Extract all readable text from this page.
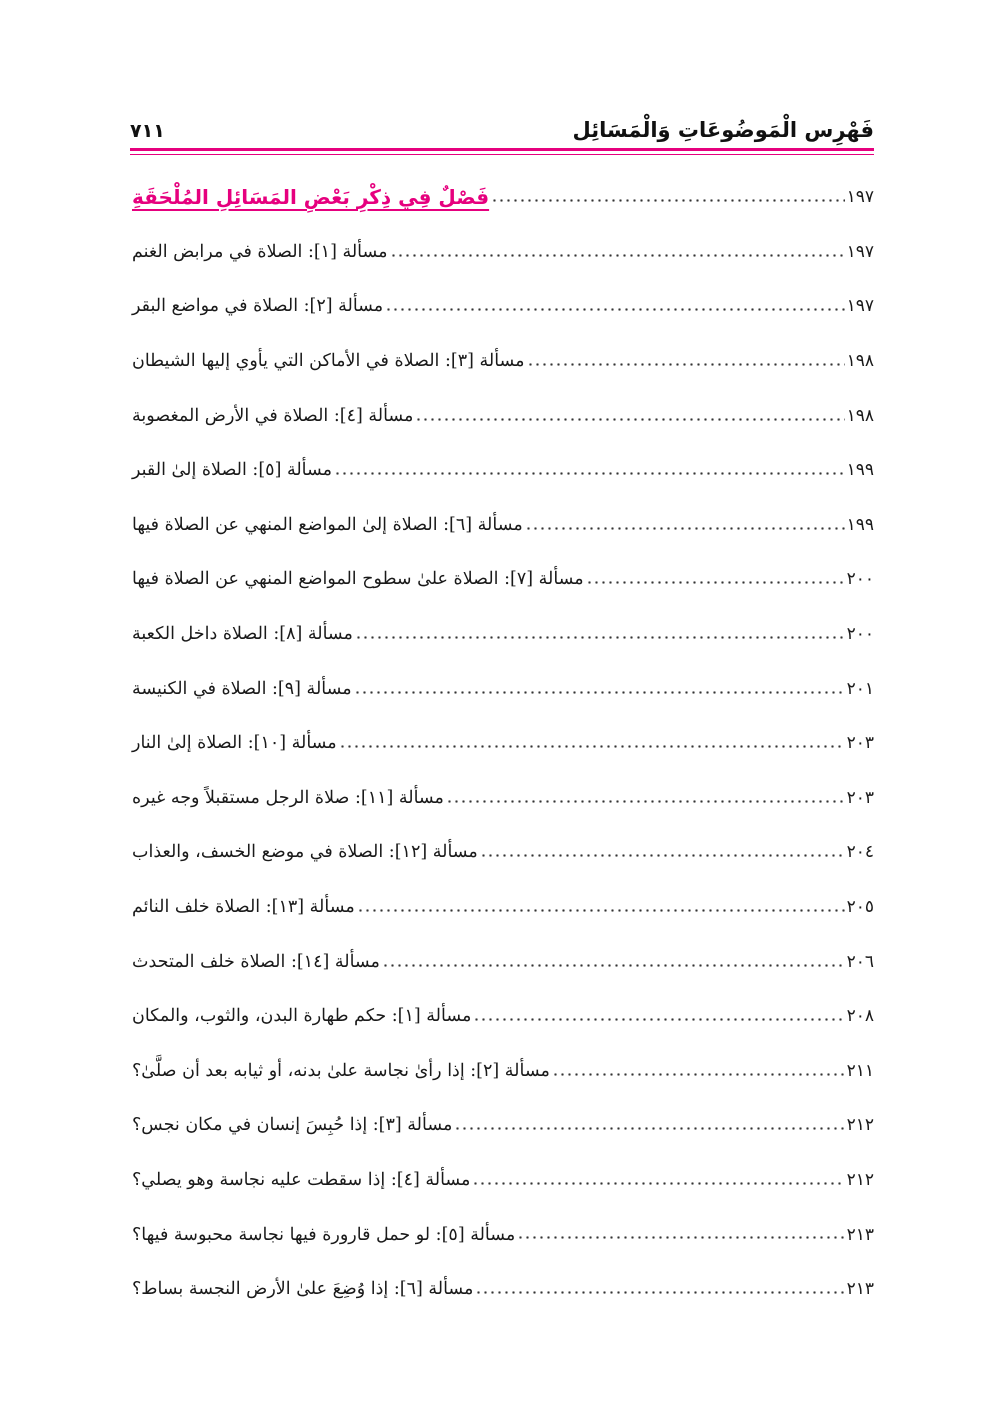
٧١١	فَهْرِس الْمَوضُوعَاتِ وَالْمَسَائِل
فَصْلٌ فِي ذِكْرِ بَعْضِ المَسَائِلِ المُلْحَقَةِ	١٩٧
مسألة [١]: الصلاة في مرابض الغنم	١٩٧
مسألة [٢]: الصلاة في مواضع البقر	١٩٧
مسألة [٣]: الصلاة في الأماكن التي يأوي إليها الشيطان	١٩٨
مسألة [٤]: الصلاة في الأرض المغصوبة	١٩٨
مسألة [٥]: الصلاة إلىٰ القبر	١٩٩
مسألة [٦]: الصلاة إلىٰ المواضع المنهي عن الصلاة فيها	١٩٩
مسألة [٧]: الصلاة علىٰ سطوح المواضع المنهي عن الصلاة فيها	٢٠٠
مسألة [٨]: الصلاة داخل الكعبة	٢٠٠
مسألة [٩]: الصلاة في الكنيسة	٢٠١
مسألة [١٠]: الصلاة إلىٰ النار	٢٠٣
مسألة [١١]: صلاة الرجل مستقبلاً وجه غيره	٢٠٣
مسألة [١٢]: الصلاة في موضع الخسف، والعذاب	٢٠٤
مسألة [١٣]: الصلاة خلف النائم	٢٠٥
مسألة [١٤]: الصلاة خلف المتحدث	٢٠٦
مسألة [١]: حكم طهارة البدن، والثوب، والمكان	٢٠٨
مسألة [٢]: إذا رأىٰ نجاسة علىٰ بدنه، أو ثيابه بعد أن صلَّىٰ؟	٢١١
مسألة [٣]: إذا حُبِسَ إنسان في مكان نجس؟	٢١٢
مسألة [٤]: إذا سقطت عليه نجاسة وهو يصلي؟	٢١٢
مسألة [٥]: لو حمل قارورة فيها نجاسة محبوسة فيها؟	٢١٣
مسألة [٦]: إذا وُضِعَ علىٰ الأرض النجسة بساط؟	٢١٣
